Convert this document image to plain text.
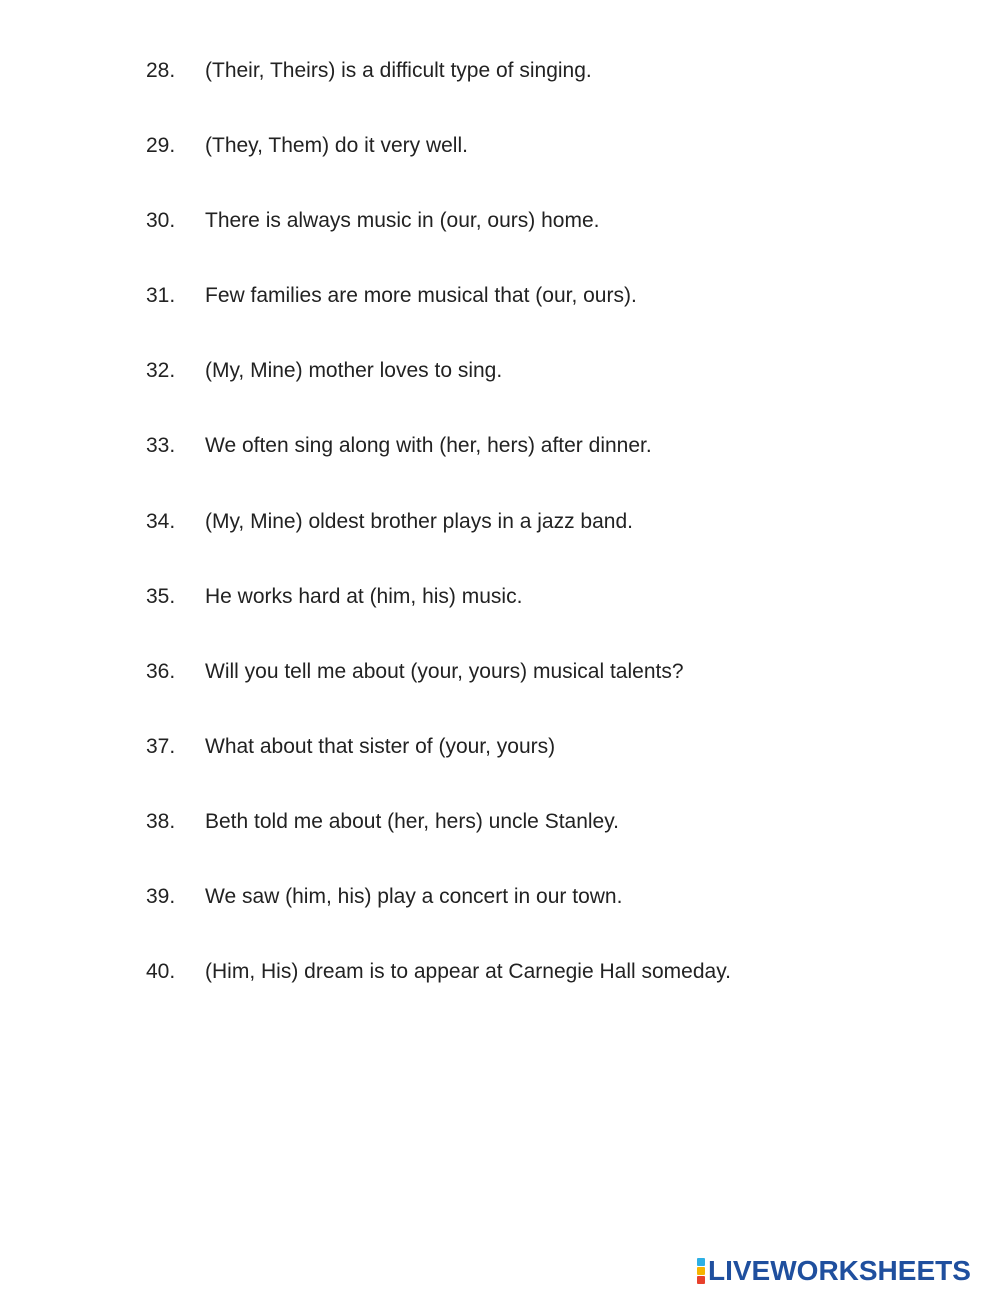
28.	(Their, Theirs) is a difficult type of singing.
29.	(They, Them) do it very well.
30.	There is always music in (our, ours) home.
31.	Few families are more musical that (our, ours).
32.	(My, Mine) mother loves to sing.
33.	We often sing along with (her, hers) after dinner.
34.	(My, Mine) oldest brother plays in a jazz band.
35.	He works hard at (him, his) music.
36.	Will you tell me about (your, yours) musical talents?
37.	What about that sister of (your, yours)
38.	Beth told me about (her, hers) uncle Stanley.
39.	We saw (him, his) play a concert in our town.
40.	(Him, His) dream is to appear at Carnegie Hall someday.
LIVEWORKSHEETS
